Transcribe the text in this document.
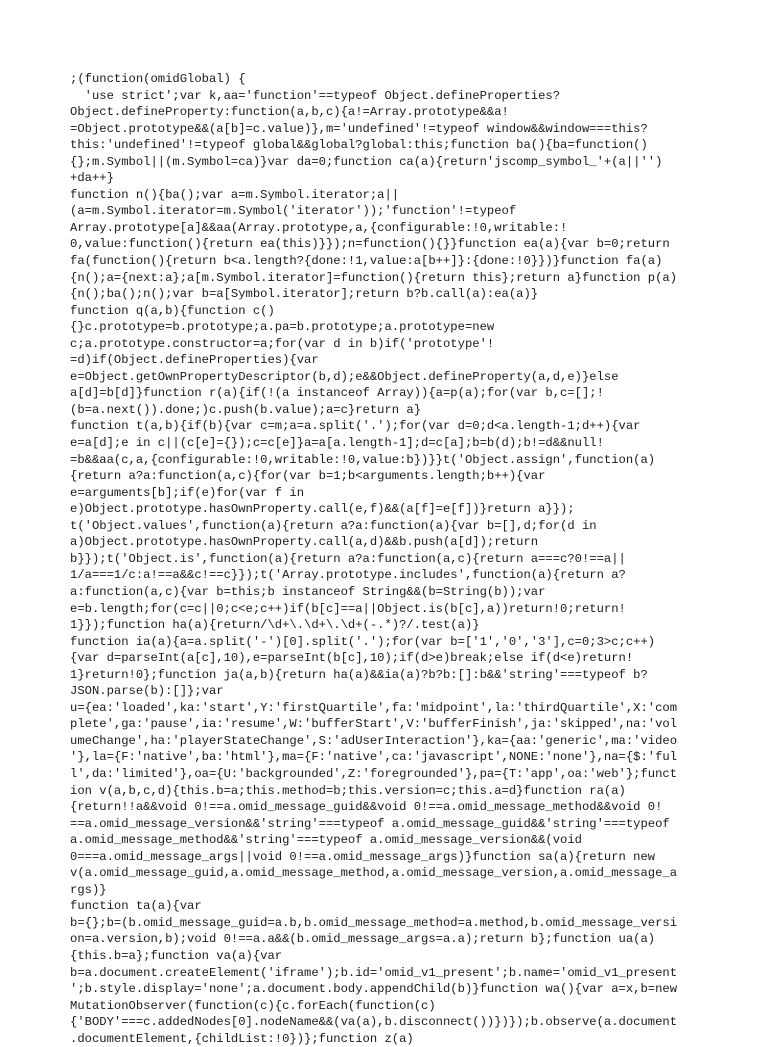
;(function(omidGlobal) {
'use strict';var k,aa='function'==typeof Object.defineProperties?
Object.defineProperty:function(a,b,c){a!=Array.prototype&&a!
=Object.prototype&&(a[b]=c.value)},m='undefined'!=typeof window&&window===this?
this:'undefined'!=typeof global&&global?global:this;function ba(){ba=function()
{};m.Symbol||(m.Symbol=ca)}var da=0;function ca(a){return'jscomp_symbol_'+(a||'')
+da++}
function n(){ba();var a=m.Symbol.iterator;a||
(a=m.Symbol.iterator=m.Symbol('iterator'));'function'!=typeof
Array.prototype[a]&&aa(Array.prototype,a,{configurable:!0,writable:!
0,value:function(){return ea(this)}});n=function(){}}function ea(a){var b=0;return
fa(function(){return b<a.length?{done:!1,value:a[b++]}:{done:!0}})}function fa(a)
{n();a={next:a};a[m.Symbol.iterator]=function(){return this};return a}function p(a)
{n();ba();n();var b=a[Symbol.iterator];return b?b.call(a):ea(a)}
function q(a,b){function c()
{}c.prototype=b.prototype;a.pa=b.prototype;a.prototype=new
c;a.prototype.constructor=a;for(var d in b)if('prototype'!
=d)if(Object.defineProperties){var
e=Object.getOwnPropertyDescriptor(b,d);e&&Object.defineProperty(a,d,e)}else
a[d]=b[d]}function r(a){if(!(a instanceof Array)){a=p(a);for(var b,c=[];!
(b=a.next()).done;)c.push(b.value);a=c}return a}
function t(a,b){if(b){var c=m;a=a.split('.');for(var d=0;d<a.length-1;d++){var
e=a[d];e in c||(c[e]={});c=c[e]}a=a[a.length-1];d=c[a];b=b(d);b!=d&&null!
=b&&aa(c,a,{configurable:!0,writable:!0,value:b})}}t('Object.assign',function(a)
{return a?a:function(a,c){for(var b=1;b<arguments.length;b++){var
e=arguments[b];if(e)for(var f in
e)Object.prototype.hasOwnProperty.call(e,f)&&(a[f]=e[f])}return a}});
t('Object.values',function(a){return a?a:function(a){var b=[],d;for(d in
a)Object.prototype.hasOwnProperty.call(a,d)&&b.push(a[d]);return
b}});t('Object.is',function(a){return a?a:function(a,c){return a===c?0!==a||
1/a===1/c:a!==a&&c!==c}});t('Array.prototype.includes',function(a){return a?
a:function(a,c){var b=this;b instanceof String&&(b=String(b));var
e=b.length;for(c=c||0;c<e;c++)if(b[c]==a||Object.is(b[c],a))return!0;return!
1}});function ha(a){return/\d+\.\d+\.\d+(-.*)?/.test(a)}
function ia(a){a=a.split('-')[0].split('.');for(var b=['1','0','3'],c=0;3>c;c++)
{var d=parseInt(a[c],10),e=parseInt(b[c],10);if(d>e)break;else if(d<e)return!
1}return!0};function ja(a,b){return ha(a)&&ia(a)?b?b:[]:b&&'string'===typeof b?
JSON.parse(b):[]};var
u={ea:'loaded',ka:'start',Y:'firstQuartile',fa:'midpoint',la:'thirdQuartile',X:'com
plete',ga:'pause',ia:'resume',W:'bufferStart',V:'bufferFinish',ja:'skipped',na:'vol
umeChange',ha:'playerStateChange',S:'adUserInteraction'},ka={aa:'generic',ma:'video
'},la={F:'native',ba:'html'},ma={F:'native',ca:'javascript',NONE:'none'},na={$:'ful
l',da:'limited'},oa={U:'backgrounded',Z:'foregrounded'},pa={T:'app',oa:'web'};funct
ion v(a,b,c,d){this.b=a;this.method=b;this.version=c;this.a=d}function ra(a)
{return!!a&&void 0!==a.omid_message_guid&&void 0!==a.omid_message_method&&void 0!
==a.omid_message_version&&'string'===typeof a.omid_message_guid&&'string'===typeof
a.omid_message_method&&'string'===typeof a.omid_message_version&&(void
0===a.omid_message_args||void 0!==a.omid_message_args)}function sa(a){return new
v(a.omid_message_guid,a.omid_message_method,a.omid_message_version,a.omid_message_a
rgs)}
function ta(a){var
b={};b=(b.omid_message_guid=a.b,b.omid_message_method=a.method,b.omid_message_versi
on=a.version,b);void 0!==a.a&&(b.omid_message_args=a.a);return b};function ua(a)
{this.b=a};function va(a){var
b=a.document.createElement('iframe');b.id='omid_v1_present';b.name='omid_v1_present
';b.style.display='none';a.document.body.appendChild(b)}function wa(){var a=x,b=new
MutationObserver(function(c){c.forEach(function(c)
{'BODY'===c.addedNodes[0].nodeName&&(va(a),b.disconnect())})});b.observe(a.document
.documentElement,{childList:!0})};function z(a)
